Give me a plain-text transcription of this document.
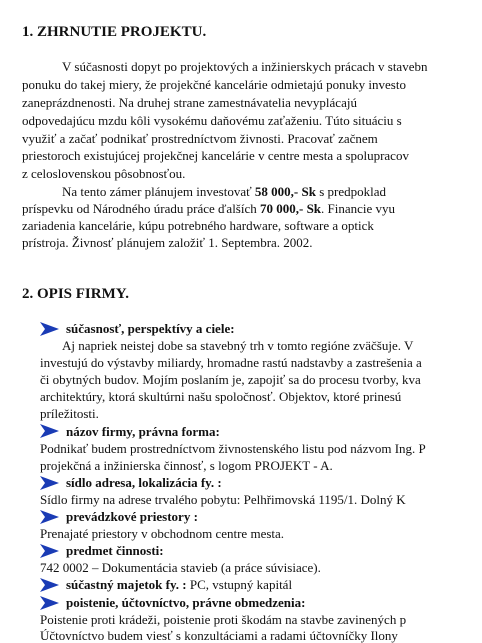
1. ZHRNUTIE PROJEKTU.

V súčasnosti dopyt po projektových a inžinierskych prácach v stavebn

ponuku do takej miery, že projekčné kancelárie odmietajú ponuky investo

zaneprázdnenosti. Na druhej strane zamestnávatelia nevyplácajú

odpovedajúcu mzdu kôli vysokému daňovému zaťaženiu. Túto situáciu s

využiť a začať podnikať prostredníctvom živnosti. Pracovať začnem

priestoroch existujúcej projekčnej kancelárie v centre mesta a spolupracov

z celoslovenskou pôsobnosťou.

Na tento zámer plánujem investovať 58 000,- Sk s predpoklad

príspevku od Národného úradu práce ďalších 70 000,- Sk. Financie vyu

zariadenia kancelárie, kúpu potrebného hardware, software a optick

prístroja. Živnosť plánujem založiť 1. Septembra. 2002.

2. OPIS FIRMY.

súčasnosť, perspektívy a ciele:

Aj napriek neistej dobe sa stavebný trh v tomto regióne zväčšuje. V

investujú do výstavby miliardy, hromadne rastú nadstavby a zastrešenia a

či obytných budov. Mojím poslaním je, zapojiť sa do procesu tvorby, kva

architektúry, ktorá skultúrni našu spoločnosť. Objektov, ktoré prinesú

príležitosti.

názov firmy, právna forma:

Podnikať budem prostredníctvom živnostenského listu pod názvom Ing. P

projekčná a inžinierska činnosť, s logom PROJEKT - A.

sídlo adresa, lokalizácia fy. :

Sídlo firmy na adrese trvalého pobytu: Pelhřimovská 1195/1. Dolný K

prevádzkové priestory :

Prenajaté priestory v obchodnom centre mesta.

predmet činnosti:

742 0002 – Dokumentácia stavieb (a práce súvisiace).

súčastný majetok fy. : PC, vstupný kapitál

poistenie, účtovníctvo, právne obmedzenia:

Poistenie proti krádeži, poistenie proti škodám na stavbe zavinených p

Účtovníctvo budem viesť s konzultáciami a radami účtovníčky Ilony
